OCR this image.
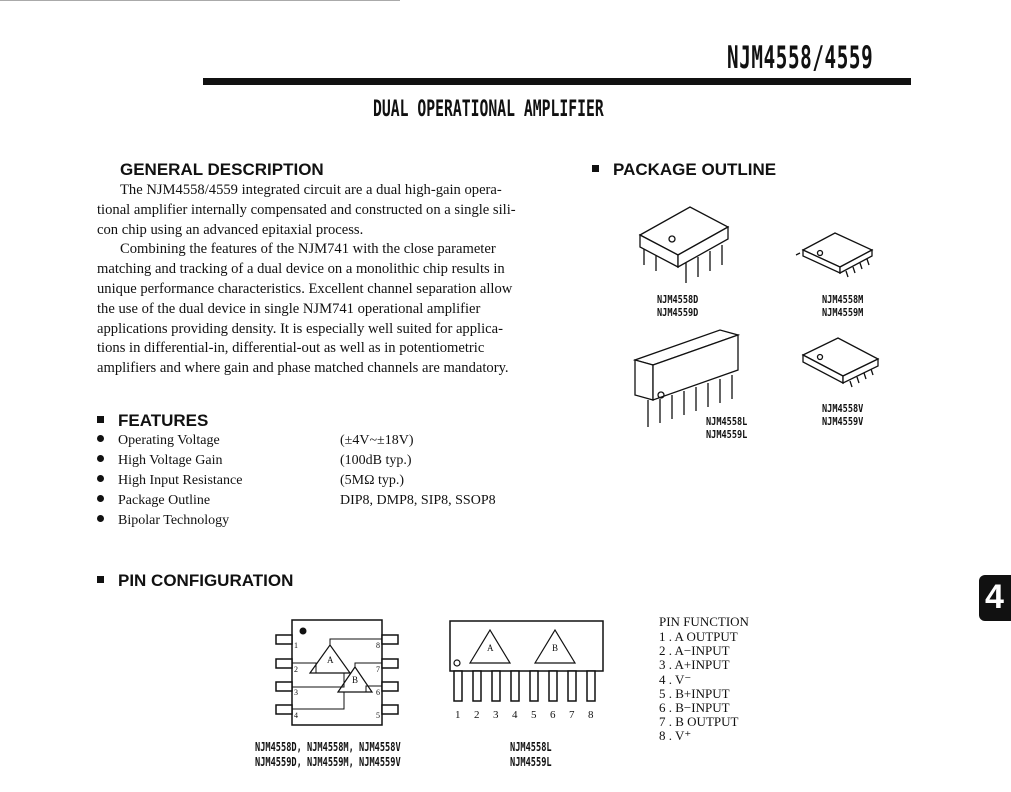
NJM4558/4559
DUAL OPERATIONAL AMPLIFIER
GENERAL DESCRIPTION
The NJM4558/4559 integrated circuit are a dual high-gain opera-
tional amplifier internally compensated and constructed on a single sili-
con chip using an advanced epitaxial process.
Combining the features of the NJM741 with the close parameter
matching and tracking of a dual device on a monolithic chip results in
unique performance characteristics. Excellent channel separation allow
the use of the dual device in single NJM741 operational amplifier
applications providing density. It is especially well suited for applica-
tions in differential-in, differential-out as well as in potentiometric
amplifiers and where gain and phase matched channels are mandatory.
FEATURES
Operating Voltage
High Voltage Gain
High Input Resistance
Package Outline
Bipolar Technology
(±4V~±18V)
(100dB typ.)
(5MΩ typ.)
DIP8, DMP8, SIP8, SSOP8
PACKAGE OUTLINE
NJM4558D
NJM4559D
NJM4558M
NJM4559M
NJM4558V
NJM4559V
NJM4558L
NJM4559L
PIN CONFIGURATION
1
2
3
4
8
7
6
5
A
B
NJM4558D, NJM4558M, NJM4558V
NJM4559D, NJM4559M, NJM4559V
A	B
1 2 3 4 5 6 7 8
NJM4558L
NJM4559L
PIN FUNCTION
1 . A OUTPUT
2 . A−INPUT
3 . A+INPUT
4 . V⁻
5 . B+INPUT
6 . B−INPUT
7 . B OUTPUT
8 . V⁺
4
